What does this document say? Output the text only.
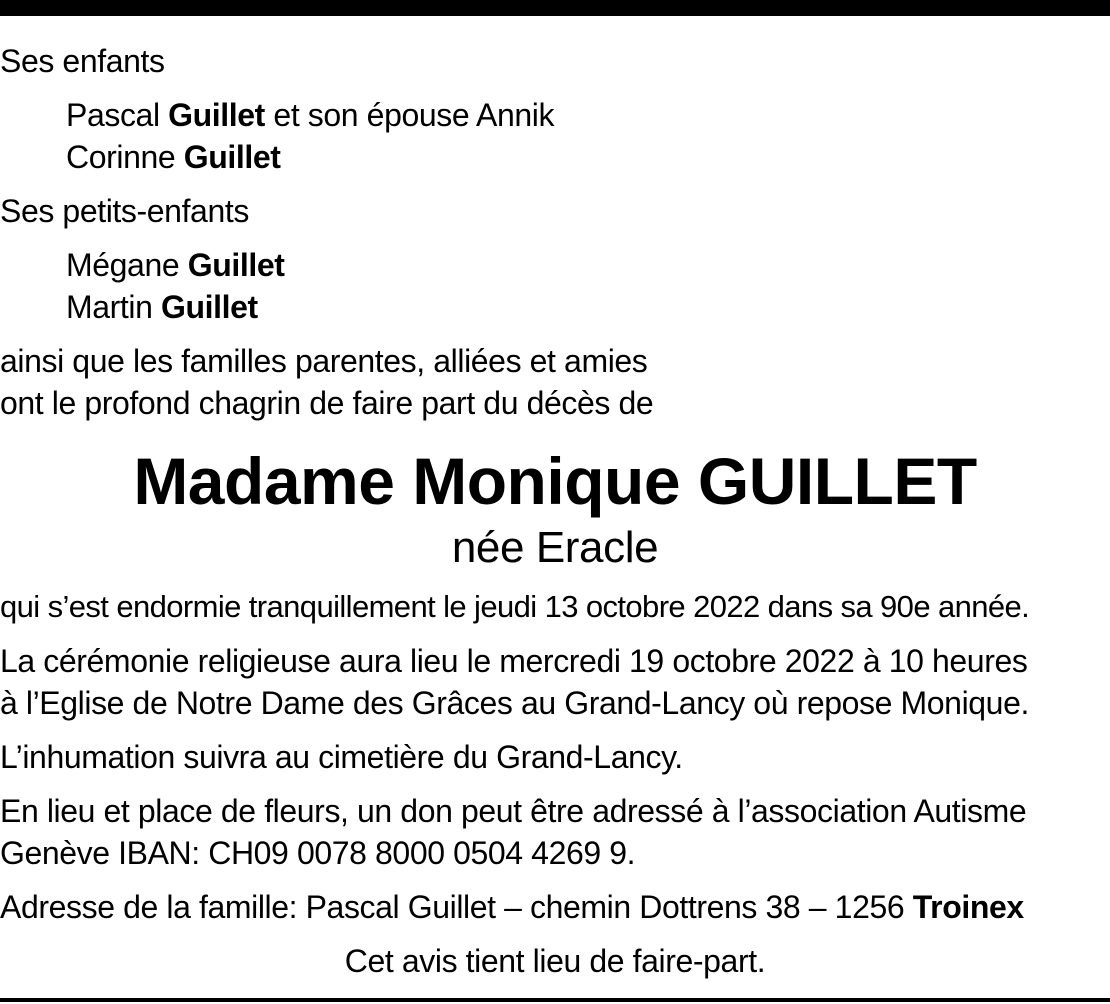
Ses enfants
Pascal Guillet et son épouse Annik
Corinne Guillet
Ses petits-enfants
Mégane Guillet
Martin Guillet
ainsi que les familles parentes, alliées et amies
ont le profond chagrin de faire part du décès de
Madame Monique GUILLET
née Eracle
qui s’est endormie tranquillement le jeudi 13 octobre 2022 dans sa 90e année.
La cérémonie religieuse aura lieu le mercredi 19 octobre 2022 à 10 heures
à l’Eglise de Notre Dame des Grâces au Grand-Lancy où repose Monique.
L’inhumation suivra au cimetière du Grand-Lancy.
En lieu et place de fleurs, un don peut être adressé à l’association Autisme
Genève IBAN: CH09 0078 8000 0504 4269 9.
Adresse de la famille: Pascal Guillet – chemin Dottrens 38 – 1256 Troinex
Cet avis tient lieu de faire-part.
